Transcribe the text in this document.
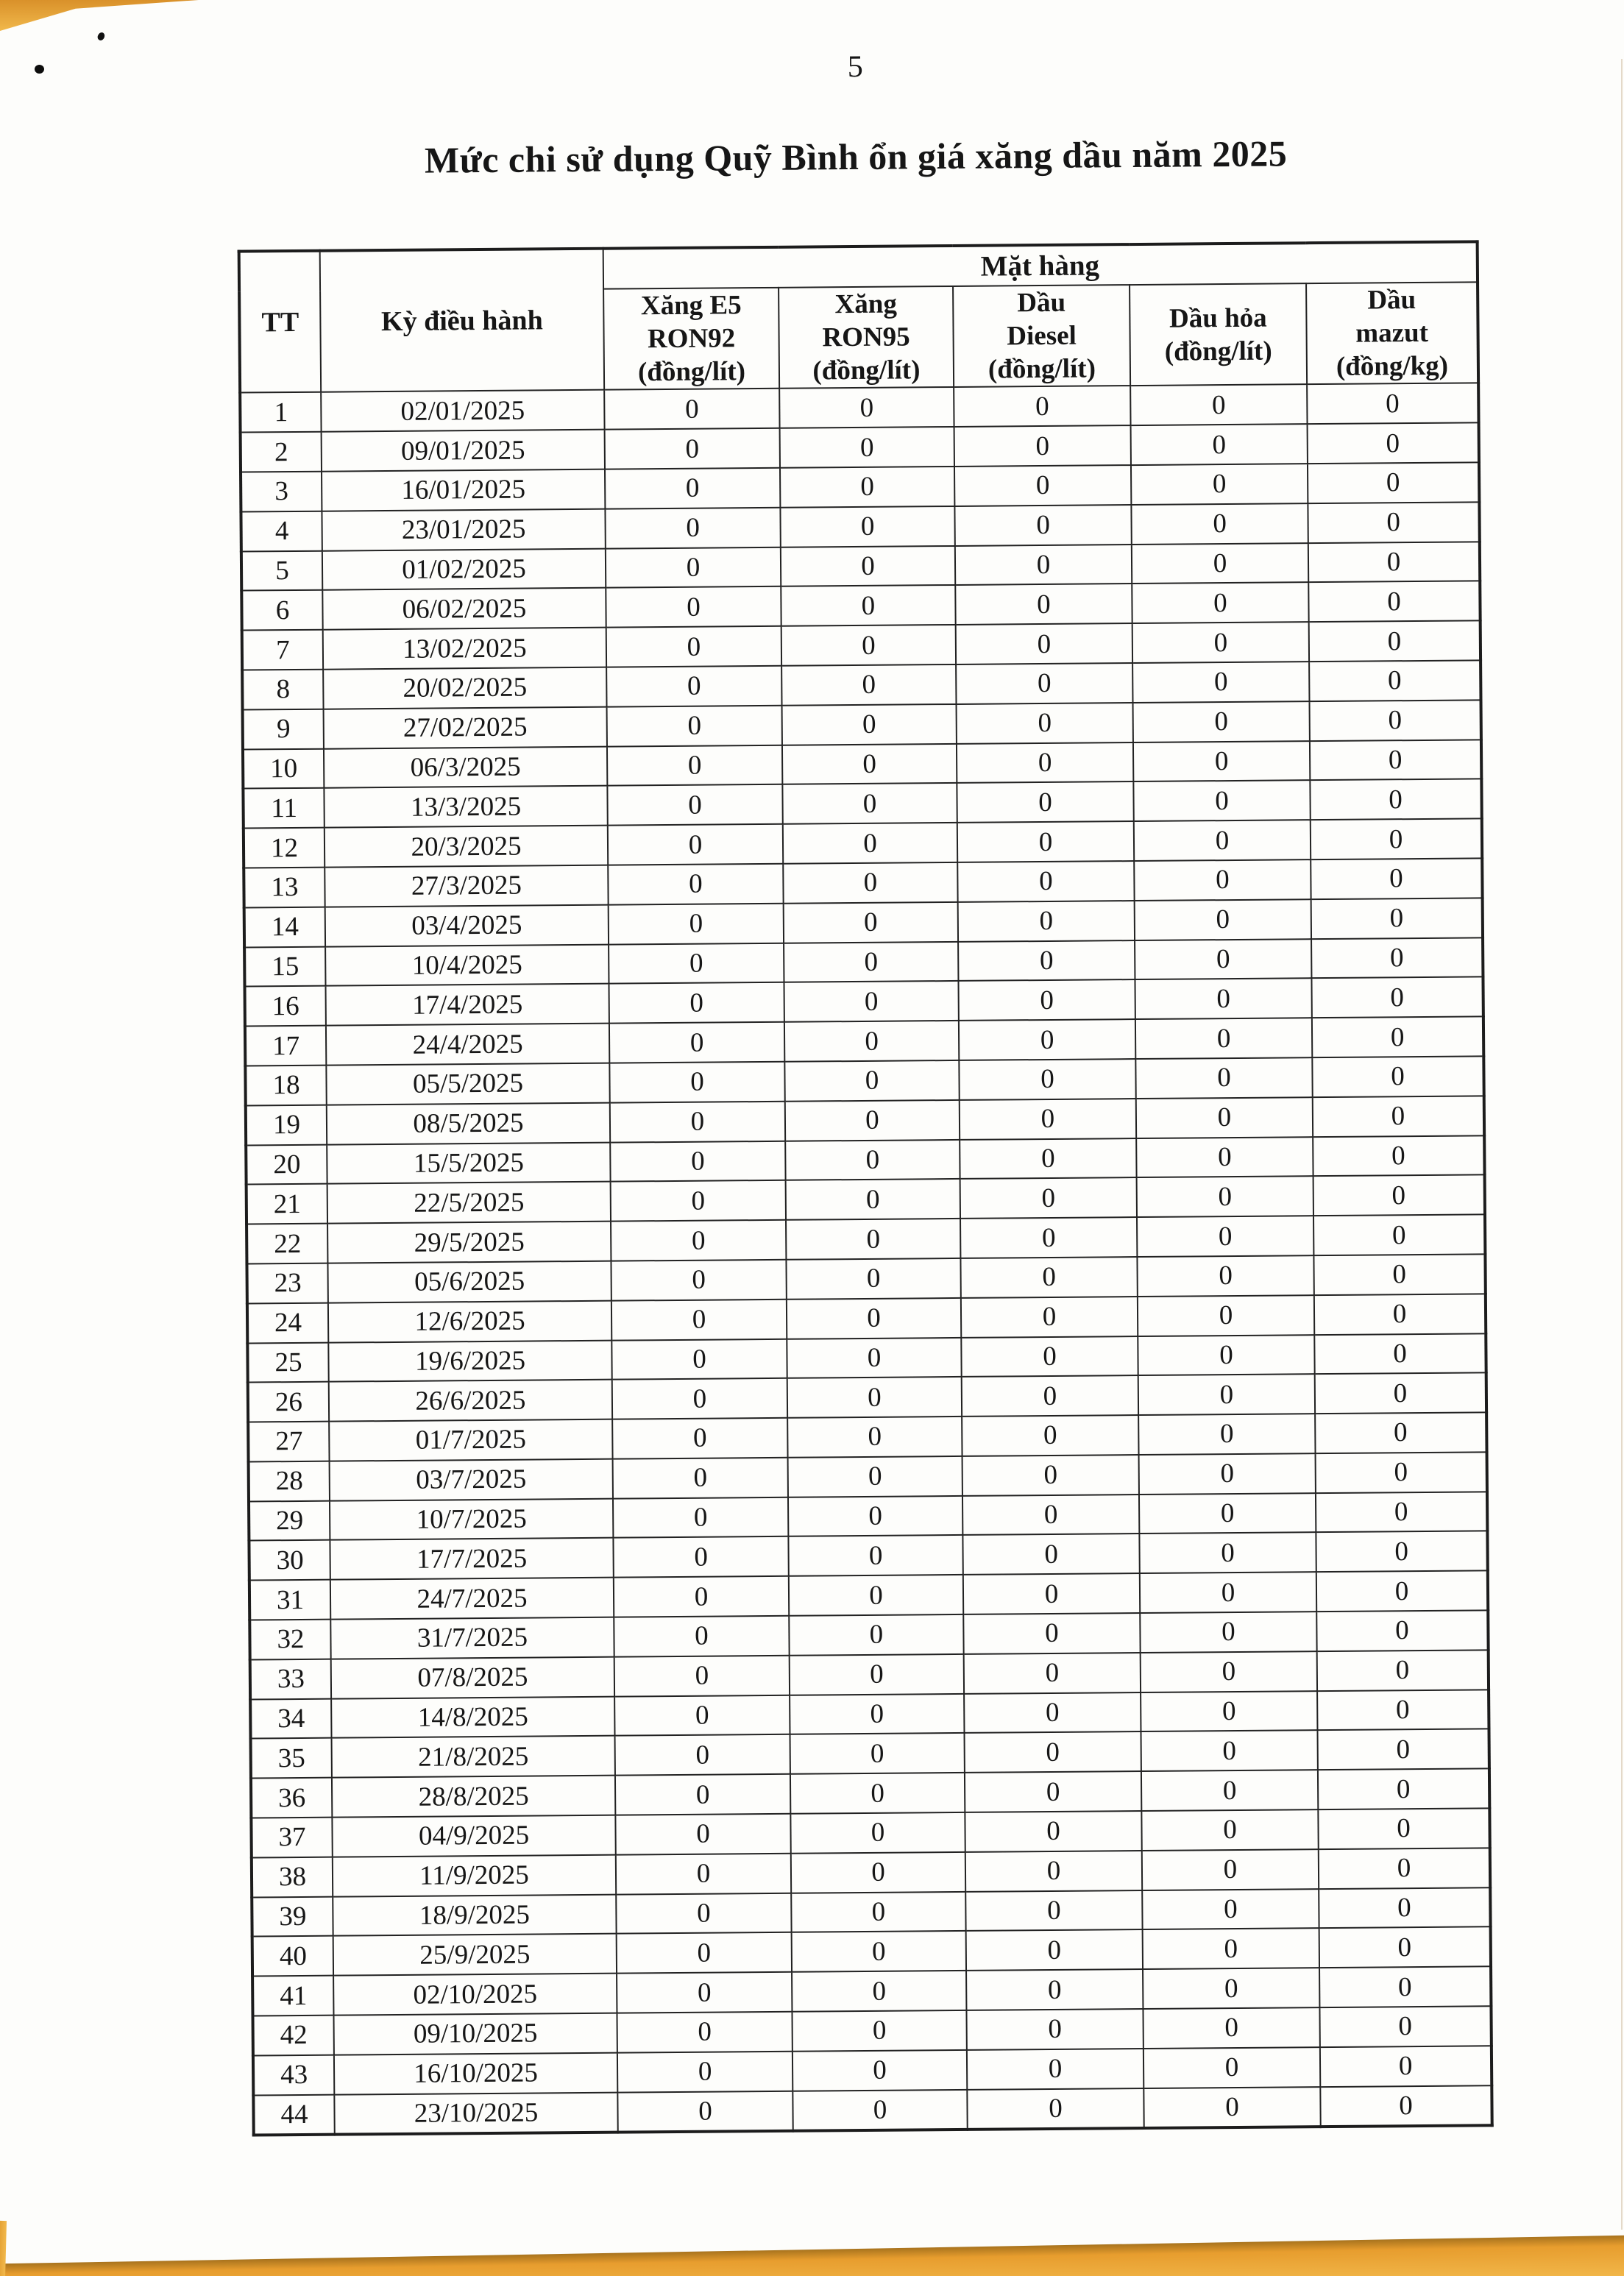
5
Mức chi sử dụng Quỹ Bình ổn giá xăng dầu năm 2025
TT	Kỳ điều hành	Mặt hàng				

		Xăng E5
RON92
(đồng/lít)	Xăng
RON95
(đồng/lít)	Dầu
Diesel
(đồng/lít)	Dầu hỏa
(đồng/lít)	Dầu
mazut
(đồng/kg)

1	02/01/2025	0	0	0	0	0
2	09/01/2025	0	0	0	0	0
3	16/01/2025	0	0	0	0	0
4	23/01/2025	0	0	0	0	0
5	01/02/2025	0	0	0	0	0
6	06/02/2025	0	0	0	0	0
7	13/02/2025	0	0	0	0	0
8	20/02/2025	0	0	0	0	0
9	27/02/2025	0	0	0	0	0
10	06/3/2025	0	0	0	0	0
11	13/3/2025	0	0	0	0	0
12	20/3/2025	0	0	0	0	0
13	27/3/2025	0	0	0	0	0
14	03/4/2025	0	0	0	0	0
15	10/4/2025	0	0	0	0	0
16	17/4/2025	0	0	0	0	0
17	24/4/2025	0	0	0	0	0
18	05/5/2025	0	0	0	0	0
19	08/5/2025	0	0	0	0	0
20	15/5/2025	0	0	0	0	0
21	22/5/2025	0	0	0	0	0
22	29/5/2025	0	0	0	0	0
23	05/6/2025	0	0	0	0	0
24	12/6/2025	0	0	0	0	0
25	19/6/2025	0	0	0	0	0
26	26/6/2025	0	0	0	0	0
27	01/7/2025	0	0	0	0	0
28	03/7/2025	0	0	0	0	0
29	10/7/2025	0	0	0	0	0
30	17/7/2025	0	0	0	0	0
31	24/7/2025	0	0	0	0	0
32	31/7/2025	0	0	0	0	0
33	07/8/2025	0	0	0	0	0
34	14/8/2025	0	0	0	0	0
35	21/8/2025	0	0	0	0	0
36	28/8/2025	0	0	0	0	0
37	04/9/2025	0	0	0	0	0
38	11/9/2025	0	0	0	0	0
39	18/9/2025	0	0	0	0	0
40	25/9/2025	0	0	0	0	0
41	02/10/2025	0	0	0	0	0
42	09/10/2025	0	0	0	0	0
43	16/10/2025	0	0	0	0	0
44	23/10/2025	0	0	0	0	0
